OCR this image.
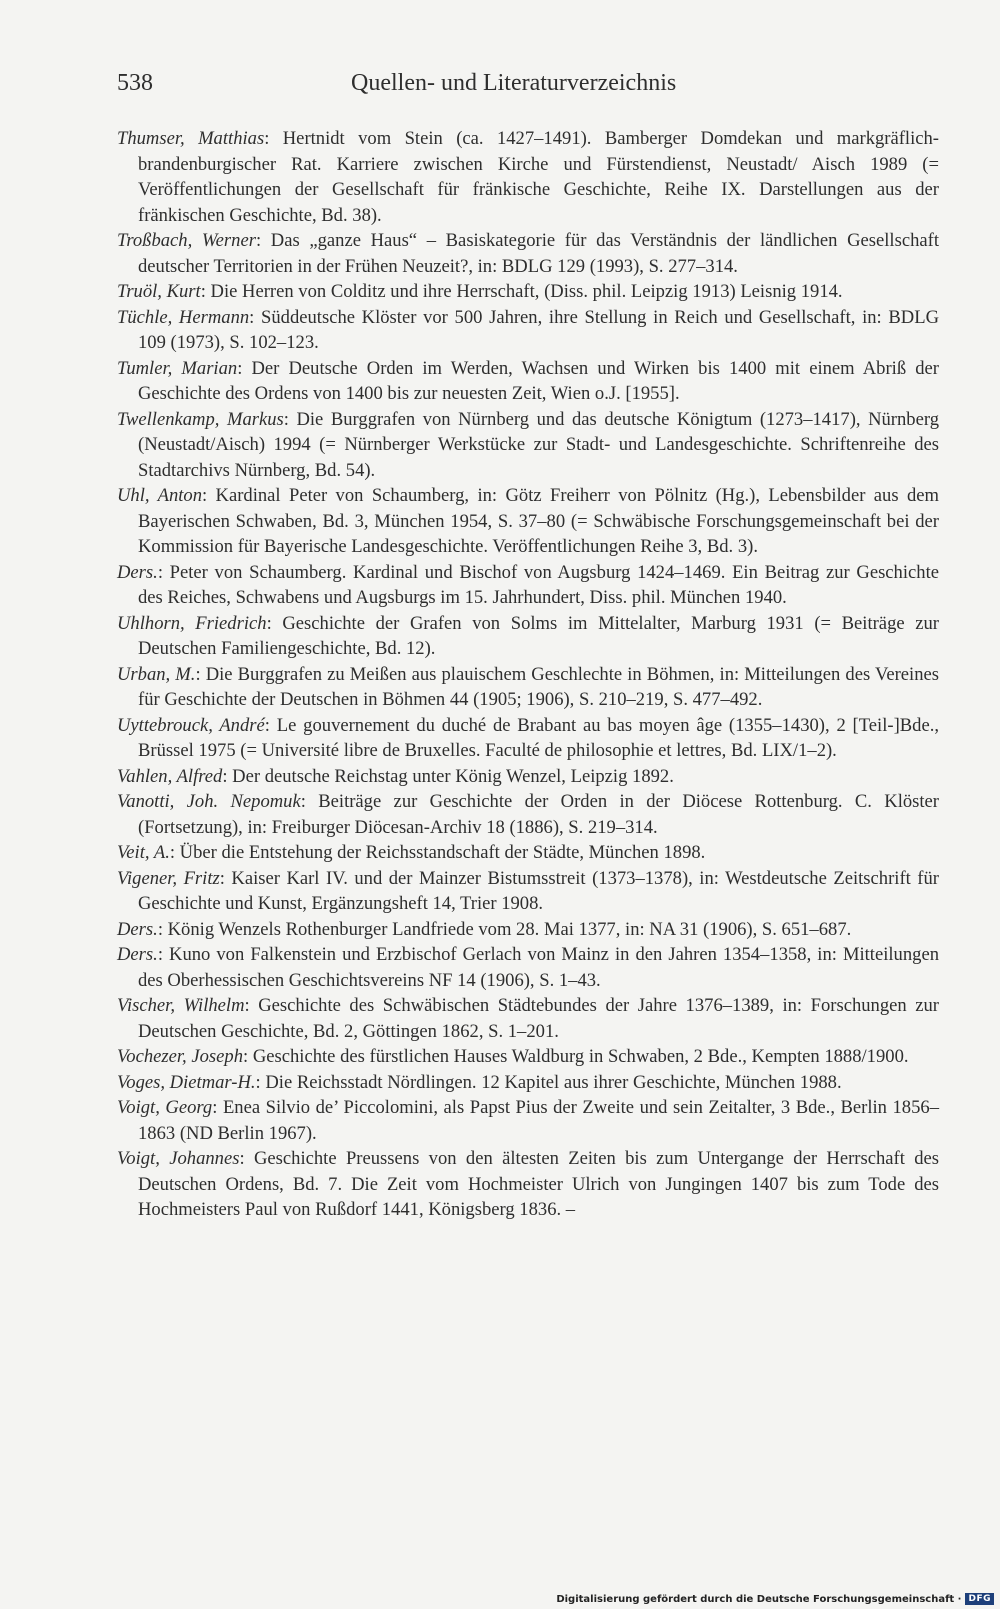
538	Quellen- und Literaturverzeichnis
Thumser, Matthias: Hertnidt vom Stein (ca. 1427–1491). Bamberger Domdekan und markgräflich-brandenburgischer Rat. Karriere zwischen Kirche und Fürstendienst, Neustadt/ Aisch 1989 (= Veröffentlichungen der Gesellschaft für fränkische Geschichte, Reihe IX. Darstellungen aus der fränkischen Geschichte, Bd. 38).
Troßbach, Werner: Das „ganze Haus“ – Basiskategorie für das Verständnis der ländlichen Gesellschaft deutscher Territorien in der Frühen Neuzeit?, in: BDLG 129 (1993), S. 277–314.
Truöl, Kurt: Die Herren von Colditz und ihre Herrschaft, (Diss. phil. Leipzig 1913) Leisnig 1914.
Tüchle, Hermann: Süddeutsche Klöster vor 500 Jahren, ihre Stellung in Reich und Gesellschaft, in: BDLG 109 (1973), S. 102–123.
Tumler, Marian: Der Deutsche Orden im Werden, Wachsen und Wirken bis 1400 mit einem Abriß der Geschichte des Ordens von 1400 bis zur neuesten Zeit, Wien o.J. [1955].
Twellenkamp, Markus: Die Burggrafen von Nürnberg und das deutsche Königtum (1273–1417), Nürnberg (Neustadt/Aisch) 1994 (= Nürnberger Werkstücke zur Stadt- und Landesgeschichte. Schriftenreihe des Stadtarchivs Nürnberg, Bd. 54).
Uhl, Anton: Kardinal Peter von Schaumberg, in: Götz Freiherr von Pölnitz (Hg.), Lebensbilder aus dem Bayerischen Schwaben, Bd. 3, München 1954, S. 37–80 (= Schwäbische Forschungsgemeinschaft bei der Kommission für Bayerische Landesgeschichte. Veröffentlichungen Reihe 3, Bd. 3).
Ders.: Peter von Schaumberg. Kardinal und Bischof von Augsburg 1424–1469. Ein Beitrag zur Geschichte des Reiches, Schwabens und Augsburgs im 15. Jahrhundert, Diss. phil. München 1940.
Uhlhorn, Friedrich: Geschichte der Grafen von Solms im Mittelalter, Marburg 1931 (= Beiträge zur Deutschen Familiengeschichte, Bd. 12).
Urban, M.: Die Burggrafen zu Meißen aus plauischem Geschlechte in Böhmen, in: Mitteilungen des Vereines für Geschichte der Deutschen in Böhmen 44 (1905; 1906), S. 210–219, S. 477–492.
Uyttebrouck, André: Le gouvernement du duché de Brabant au bas moyen âge (1355–1430), 2 [Teil-]Bde., Brüssel 1975 (= Université libre de Bruxelles. Faculté de philosophie et lettres, Bd. LIX/1–2).
Vahlen, Alfred: Der deutsche Reichstag unter König Wenzel, Leipzig 1892.
Vanotti, Joh. Nepomuk: Beiträge zur Geschichte der Orden in der Diöcese Rottenburg. C. Klöster (Fortsetzung), in: Freiburger Diöcesan-Archiv 18 (1886), S. 219–314.
Veit, A.: Über die Entstehung der Reichsstandschaft der Städte, München 1898.
Vigener, Fritz: Kaiser Karl IV. und der Mainzer Bistumsstreit (1373–1378), in: Westdeutsche Zeitschrift für Geschichte und Kunst, Ergänzungsheft 14, Trier 1908.
Ders.: König Wenzels Rothenburger Landfriede vom 28. Mai 1377, in: NA 31 (1906), S. 651–687.
Ders.: Kuno von Falkenstein und Erzbischof Gerlach von Mainz in den Jahren 1354–1358, in: Mitteilungen des Oberhessischen Geschichtsvereins NF 14 (1906), S. 1–43.
Vischer, Wilhelm: Geschichte des Schwäbischen Städtebundes der Jahre 1376–1389, in: Forschungen zur Deutschen Geschichte, Bd. 2, Göttingen 1862, S. 1–201.
Vochezer, Joseph: Geschichte des fürstlichen Hauses Waldburg in Schwaben, 2 Bde., Kempten 1888/1900.
Voges, Dietmar-H.: Die Reichsstadt Nördlingen. 12 Kapitel aus ihrer Geschichte, München 1988.
Voigt, Georg: Enea Silvio de’ Piccolomini, als Papst Pius der Zweite und sein Zeitalter, 3 Bde., Berlin 1856–1863 (ND Berlin 1967).
Voigt, Johannes: Geschichte Preussens von den ältesten Zeiten bis zum Untergange der Herrschaft des Deutschen Ordens, Bd. 7. Die Zeit vom Hochmeister Ulrich von Jungingen 1407 bis zum Tode des Hochmeisters Paul von Rußdorf 1441, Königsberg 1836. –
Digitalisierung gefördert durch die Deutsche Forschungsgemeinschaft · DFG
